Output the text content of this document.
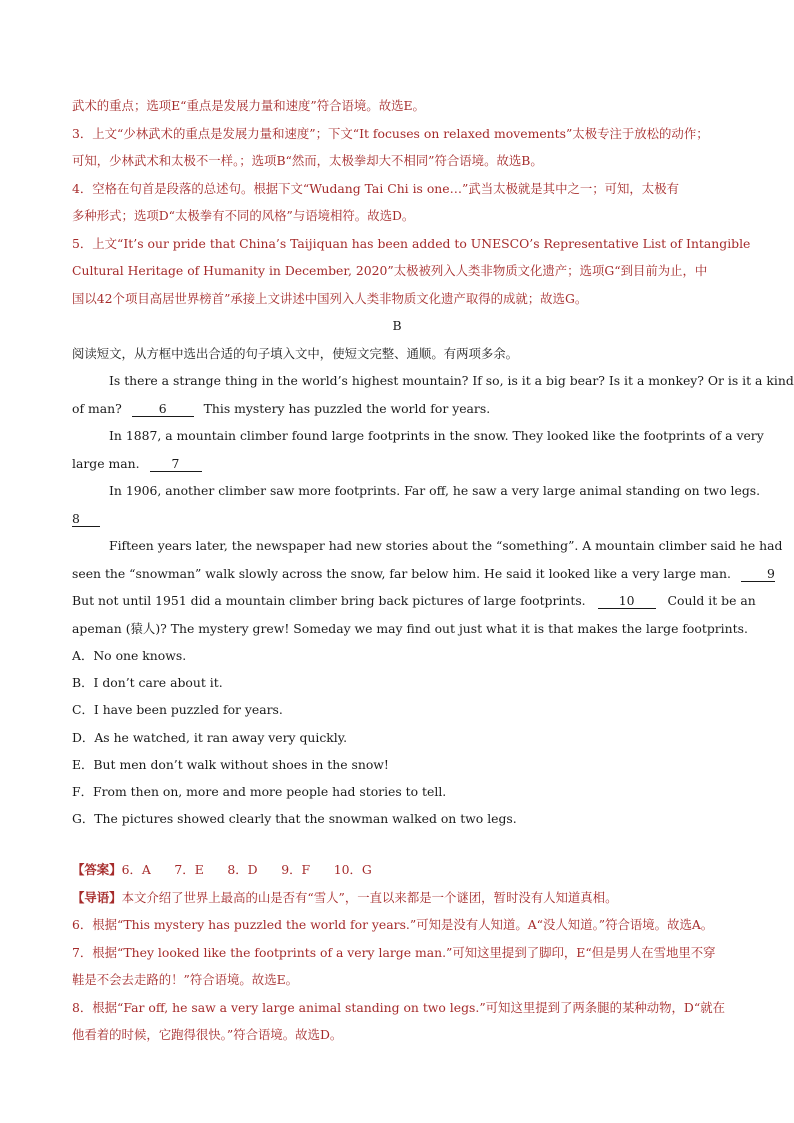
武术的重点；选项E“重点是发展力量和速度”符合语境。故选E。
3．上文“少林武术的重点是发展力量和速度”；下文“It focuses on relaxed movements”太极专注于放松的动作；
可知，少林武术和太极不一样。；选项B“然而，太极拳却大不相同”符合语境。故选B。
4．空格在句首是段落的总述句。根据下文“Wudang Tai Chi is one…”武当太极就是其中之一；可知，太极有
多种形式；选项D“太极拳有不同的风格”与语境相符。故选D。
5．上文“It’s our pride that China’s Taijiquan has been added to UNESCO’s Representative List of Intangible
Cultural Heritage of Humanity in December, 2020”太极被列入人类非物质文化遗产；选项G“到目前为止，中
国以42个项目高居世界榜首”承接上文讲述中国列入人类非物质文化遗产取得的成就；故选G。
B
阅读短文，从方框中选出合适的句子填入文中，使短文完整、通顺。有两项多余。
Is there a strange thing in the world’s highest mountain? If so, is it a big bear? Is it a monkey? Or is it a kind
of man?	6	This mystery has puzzled the world for years.
In 1887, a mountain climber found large footprints in the snow. They looked like the footprints of a very
large man.	7
In 1906, another climber saw more footprints. Far off, he saw a very large animal standing on two legs.
8
Fifteen years later, the newspaper had new stories about the “something”. A mountain climber said he had
seen the “snowman” walk slowly across the snow, far below him. He said it looked like a very large man.	9
But not until 1951 did a mountain climber bring back pictures of large footprints.	10	Could it be an
apeman (猿人)? The mystery grew! Someday we may find out just what it is that makes the large footprints.
A．No one knows.
B．I don’t care about it.
C．I have been puzzled for years.
D．As he watched, it ran away very quickly.
E．But men don’t walk without shoes in the snow!
F．From then on, more and more people had stories to tell.
G．The pictures showed clearly that the snowman walked on two legs.
【答案】6．A      7．E      8．D      9．F      10．G
【导语】本文介绍了世界上最高的山是否有“雪人”，一直以来都是一个谜团，暂时没有人知道真相。
6．根据“This mystery has puzzled the world for years.”可知是没有人知道。A“没人知道。”符合语境。故选A。
7．根据“They looked like the footprints of a very large man.”可知这里提到了脚印，E“但是男人在雪地里不穿
鞋是不会去走路的！”符合语境。故选E。
8．根据“Far off, he saw a very large animal standing on two legs.”可知这里提到了两条腿的某种动物，D“就在
他看着的时候，它跑得很快。”符合语境。故选D。
